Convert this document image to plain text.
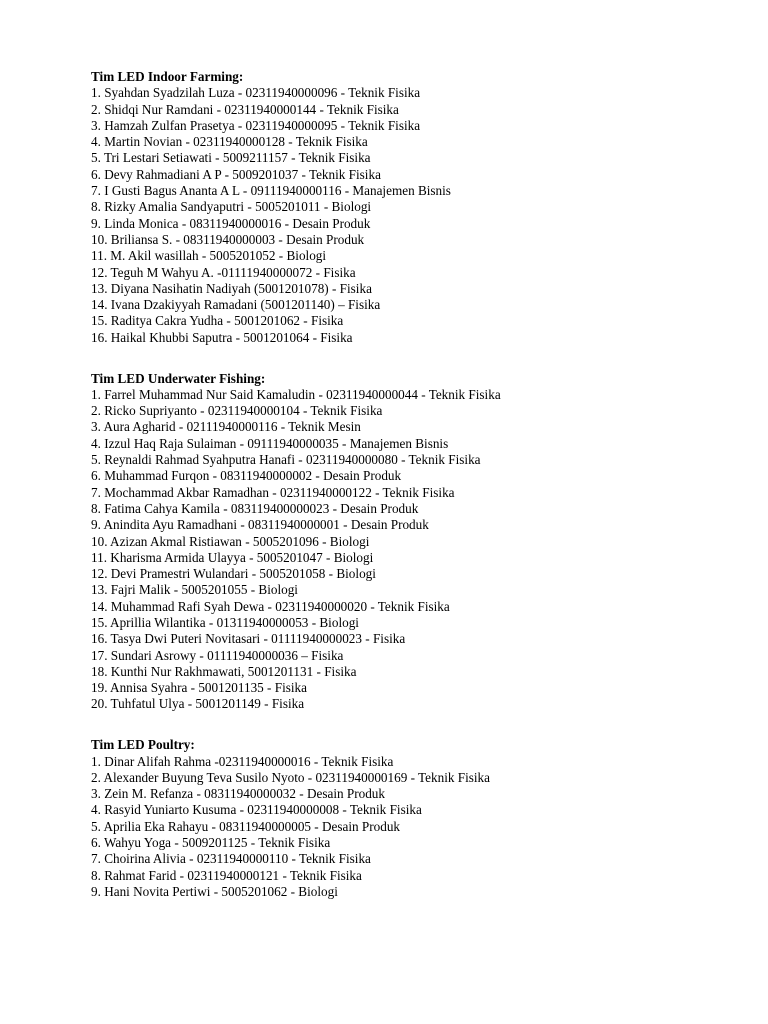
Tim LED Indoor Farming:
1. Syahdan Syadzilah Luza - 02311940000096 - Teknik Fisika
2. Shidqi Nur Ramdani - 02311940000144 - Teknik Fisika
3. Hamzah Zulfan Prasetya - 02311940000095 - Teknik Fisika
4. Martin Novian - 02311940000128 - Teknik Fisika
5. Tri Lestari Setiawati - 5009211157 - Teknik Fisika
6. Devy Rahmadiani A P - 5009201037 - Teknik Fisika
7. I Gusti Bagus Ananta A L - 09111940000116 - Manajemen Bisnis
8. Rizky Amalia Sandyaputri - 5005201011 - Biologi
9. Linda Monica - 08311940000016 - Desain Produk
10. Briliansa S. - 08311940000003 - Desain Produk
11. M. Akil wasillah - 5005201052 - Biologi
12. Teguh M Wahyu A. -01111940000072 - Fisika
13. Diyana Nasihatin Nadiyah (5001201078) - Fisika
14. Ivana Dzakiyyah Ramadani (5001201140) – Fisika
15. Raditya Cakra Yudha - 5001201062 - Fisika
16. Haikal Khubbi Saputra - 5001201064 - Fisika
Tim LED Underwater Fishing:
1. Farrel Muhammad Nur Said Kamaludin - 02311940000044 - Teknik Fisika
2. Ricko Supriyanto - 02311940000104 - Teknik Fisika
3. Aura Agharid - 02111940000116 - Teknik Mesin
4. Izzul Haq Raja Sulaiman - 09111940000035 - Manajemen Bisnis
5. Reynaldi Rahmad Syahputra Hanafi - 02311940000080 - Teknik Fisika
6. Muhammad Furqon - 08311940000002 - Desain Produk
7. Mochammad Akbar Ramadhan - 02311940000122 - Teknik Fisika
8. Fatima Cahya Kamila - 083119400000023 - Desain Produk
9. Anindita Ayu Ramadhani - 08311940000001 - Desain Produk
10. Azizan Akmal Ristiawan - 5005201096 - Biologi
11. Kharisma Armida Ulayya - 5005201047 - Biologi
12. Devi Pramestri Wulandari - 5005201058 - Biologi
13. Fajri Malik - 5005201055 - Biologi
14. Muhammad Rafi Syah Dewa - 02311940000020 - Teknik Fisika
15. Aprillia Wilantika - 01311940000053 - Biologi
16. Tasya Dwi Puteri Novitasari - 01111940000023 - Fisika
17. Sundari Asrowy - 01111940000036 – Fisika
18. Kunthi Nur Rakhmawati, 5001201131 - Fisika
19. Annisa Syahra - 5001201135 - Fisika
20. Tuhfatul Ulya - 5001201149 - Fisika
Tim LED Poultry:
1. Dinar Alifah Rahma -02311940000016 - Teknik Fisika
2. Alexander Buyung Teva Susilo Nyoto - 02311940000169 - Teknik Fisika
3. Zein M. Refanza - 08311940000032 - Desain Produk
4. Rasyid Yuniarto Kusuma - 02311940000008 - Teknik Fisika
5. Aprilia Eka Rahayu - 08311940000005 - Desain Produk
6. Wahyu Yoga - 5009201125 - Teknik Fisika
7. Choirina Alivia - 02311940000110 - Teknik Fisika
8. Rahmat Farid - 02311940000121 - Teknik Fisika
9. Hani Novita Pertiwi - 5005201062 - Biologi
